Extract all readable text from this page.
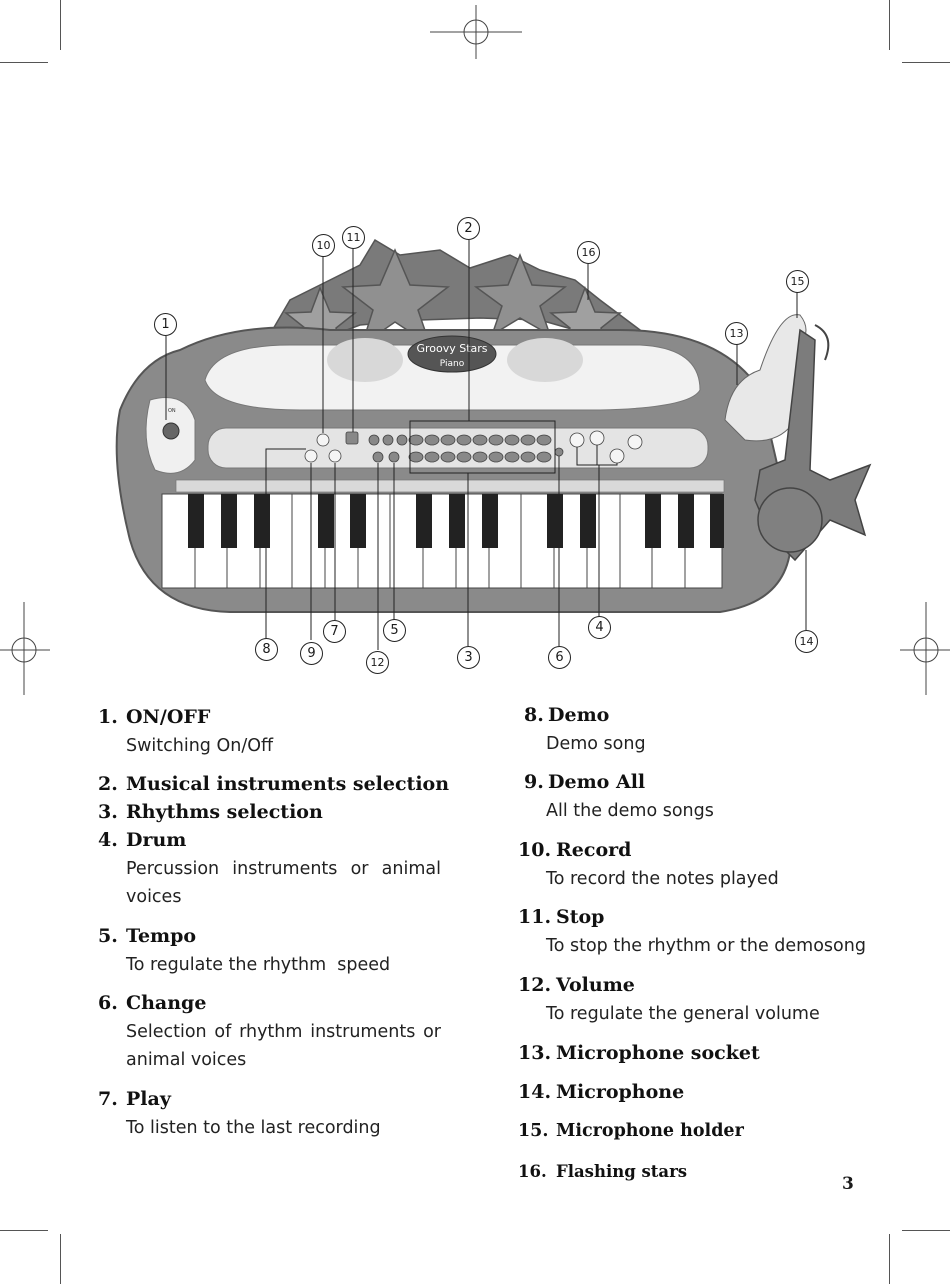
Groovy Stars
Piano
ON
1
2
3
4
5
6
7
8	9
10
11
12
13
14
15
16
1. ON/OFF
Switching On/Off
2. Musical instruments selection
3. Rhythms selection
4. Drum
Percussion instruments or animal voices
5. Tempo
To regulate the rhythm  speed
6. Change
Selection of rhythm instruments or animal voices
7. Play
To listen to the last recording
8. Demo
Demo song
9. Demo All
All the demo songs
10. Record
To record the notes played
11. Stop
To stop the rhythm or the demosong
12. Volume
To regulate the general volume
13. Microphone socket
14. Microphone
15. Microphone holder
16. Flashing stars
3
